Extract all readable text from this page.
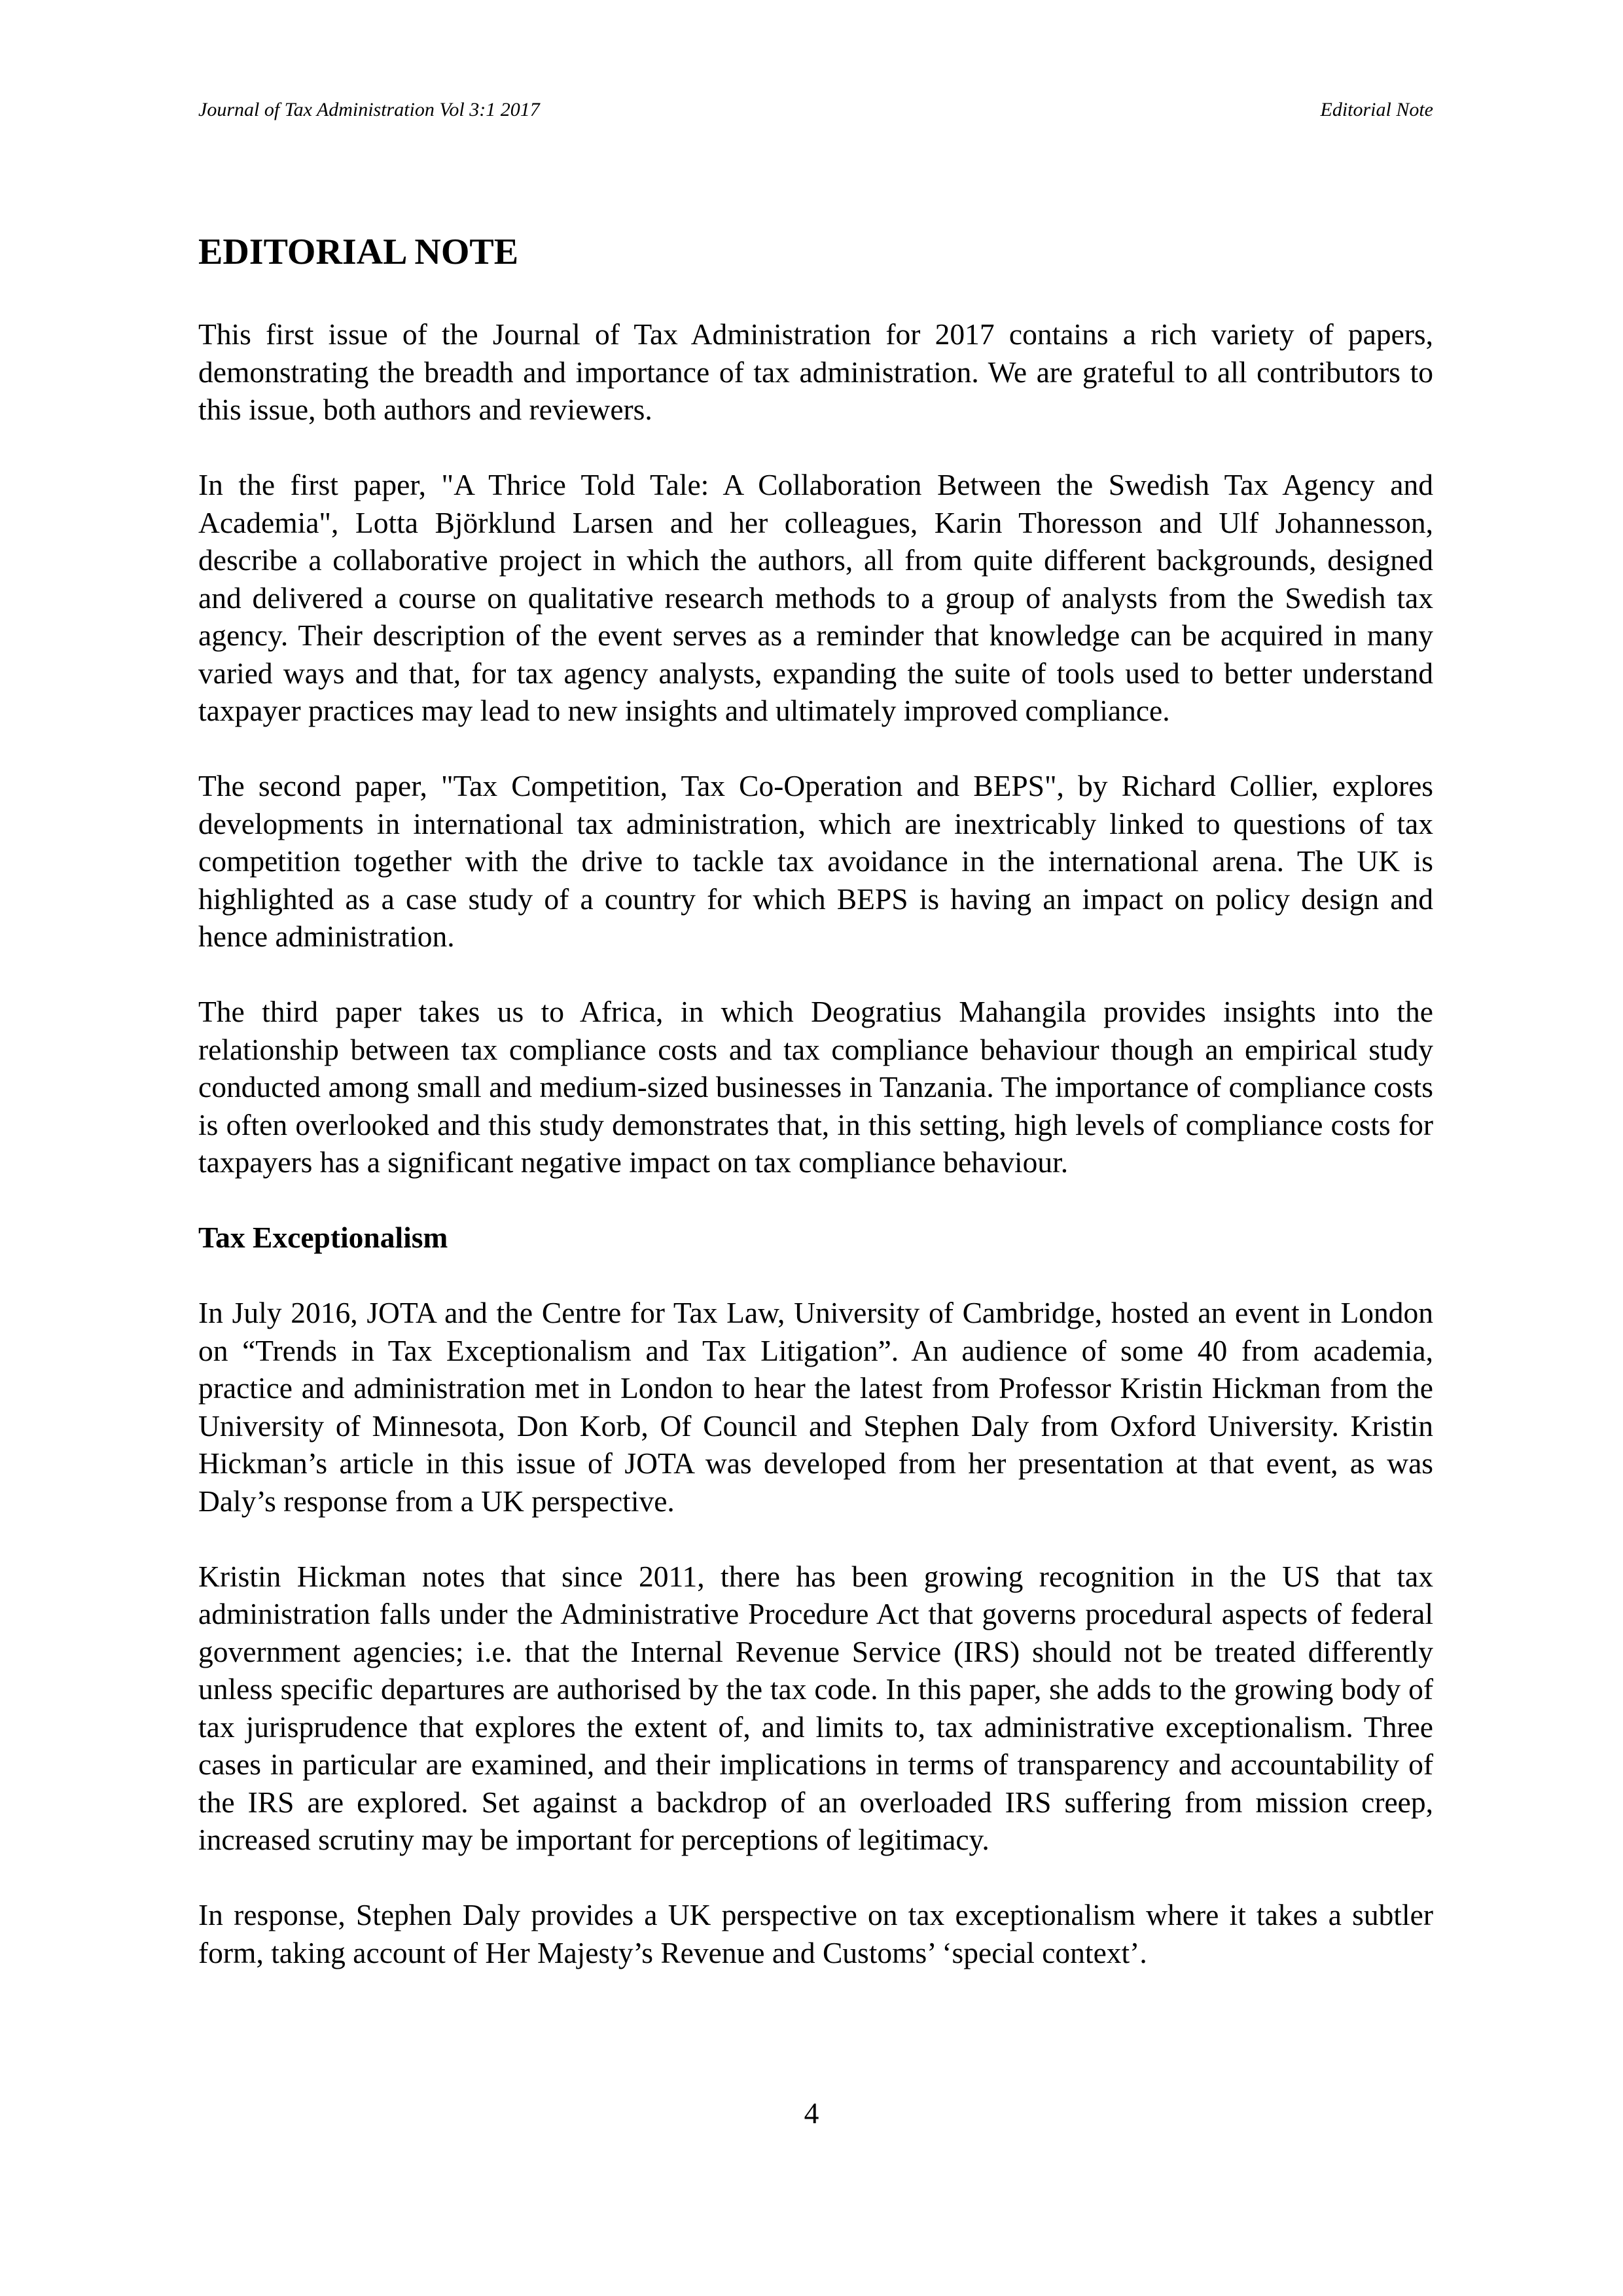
Journal of Tax Administration Vol 3:1 2017	Editorial Note
EDITORIAL NOTE

This first issue of the Journal of Tax Administration for 2017 contains a rich variety of papers, demonstrating the breadth and importance of tax administration. We are grateful to all contributors to this issue, both authors and reviewers.

In the first paper, "A Thrice Told Tale: A Collaboration Between the Swedish Tax Agency and Academia", Lotta Björklund Larsen and her colleagues, Karin Thoresson and Ulf Johannesson, describe a collaborative project in which the authors, all from quite different backgrounds, designed and delivered a course on qualitative research methods to a group of analysts from the Swedish tax agency. Their description of the event serves as a reminder that knowledge can be acquired in many varied ways and that, for tax agency analysts, expanding the suite of tools used to better understand taxpayer practices may lead to new insights and ultimately improved compliance.

The second paper, "Tax Competition, Tax Co-Operation and BEPS", by Richard Collier, explores developments in international tax administration, which are inextricably linked to questions of tax competition together with the drive to tackle tax avoidance in the international arena. The UK is highlighted as a case study of a country for which BEPS is having an impact on policy design and hence administration.

The third paper takes us to Africa, in which Deogratius Mahangila provides insights into the relationship between tax compliance costs and tax compliance behaviour though an empirical study conducted among small and medium-sized businesses in Tanzania. The importance of compliance costs is often overlooked and this study demonstrates that, in this setting, high levels of compliance costs for taxpayers has a significant negative impact on tax compliance behaviour.

Tax Exceptionalism

In July 2016, JOTA and the Centre for Tax Law, University of Cambridge, hosted an event in London on “Trends in Tax Exceptionalism and Tax Litigation”. An audience of some 40 from academia, practice and administration met in London to hear the latest from Professor Kristin Hickman from the University of Minnesota, Don Korb, Of Council and Stephen Daly from Oxford University. Kristin Hickman’s article in this issue of JOTA was developed from her presentation at that event, as was Daly’s response from a UK perspective.

Kristin Hickman notes that since 2011, there has been growing recognition in the US that tax administration falls under the Administrative Procedure Act that governs procedural aspects of federal government agencies; i.e. that the Internal Revenue Service (IRS) should not be treated differently unless specific departures are authorised by the tax code. In this paper, she adds to the growing body of tax jurisprudence that explores the extent of, and limits to, tax administrative exceptionalism. Three cases in particular are examined, and their implications in terms of transparency and accountability of the IRS are explored. Set against a backdrop of an overloaded IRS suffering from mission creep, increased scrutiny may be important for perceptions of legitimacy.

In response, Stephen Daly provides a UK perspective on tax exceptionalism where it takes a subtler form, taking account of Her Majesty’s Revenue and Customs’ ‘special context’.

4
